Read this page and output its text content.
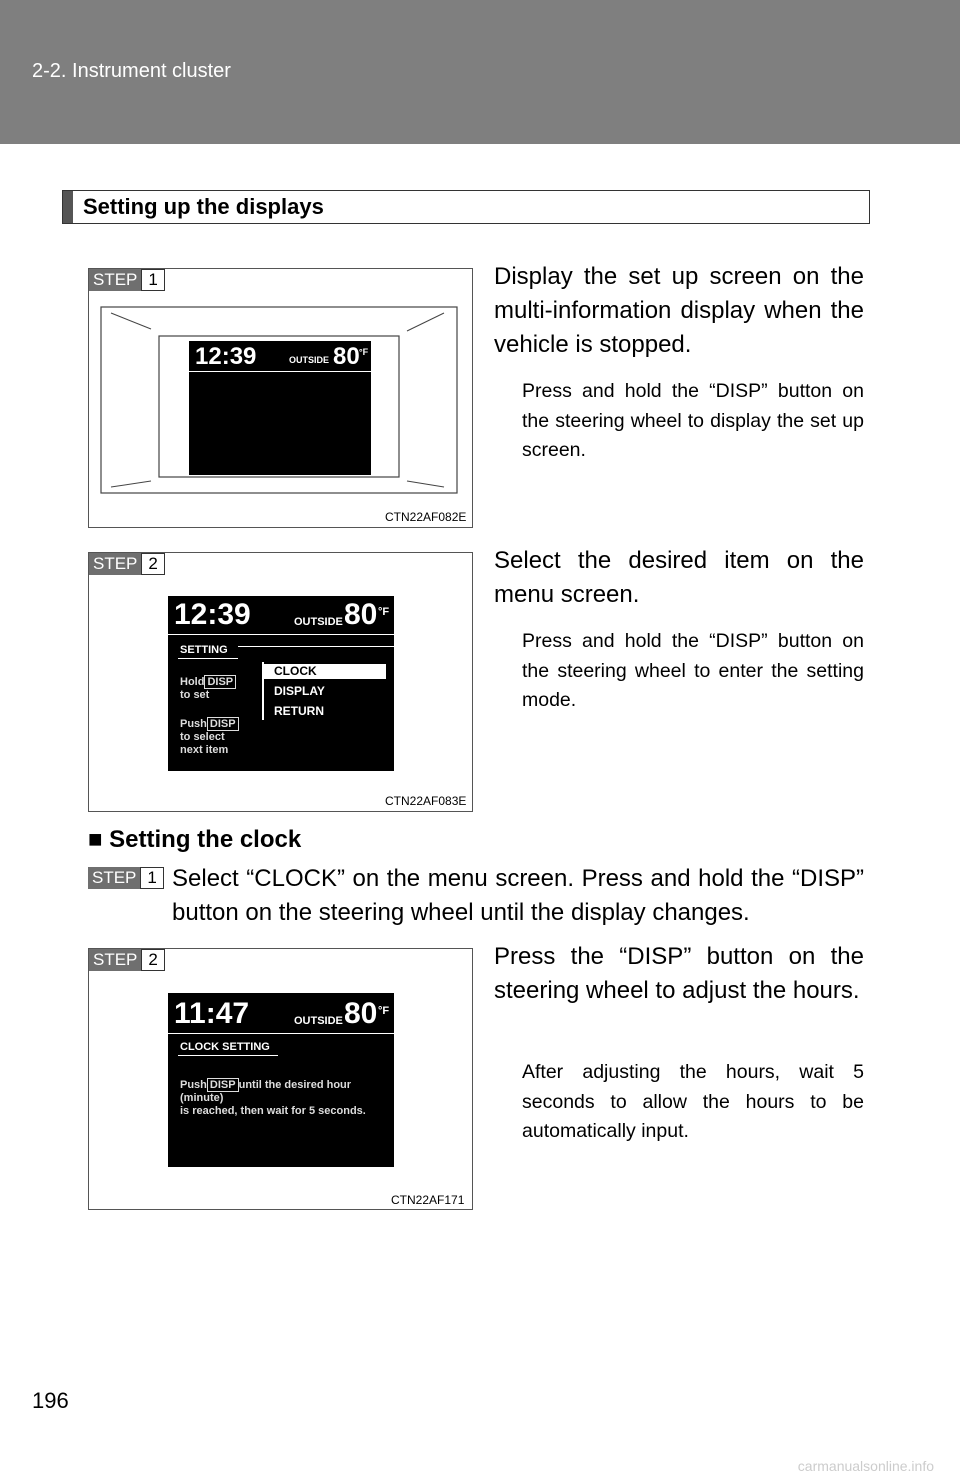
2-2. Instrument cluster
Setting up the displays
STEP 1
12:39	OUTSIDE 80 °F
CTN22AF082E
Display the set up screen on the multi-information display when the vehicle is stopped.
Press and hold the “DISP” button on the steering wheel to display the set up screen.
STEP 2
12:39	OUTSIDE 80 °F
SETTING
Hold DISP
to set
Push DISP
to select
next item
CLOCK
DISPLAY
RETURN
CTN22AF083E
Select the desired item on the menu screen.
Press and hold the “DISP” button on the steering wheel to enter the setting mode.
■ Setting the clock
STEP 1 Select “CLOCK” on the menu screen. Press and hold the “DISP” button on the steering wheel until the display changes.
STEP 2
11:47	OUTSIDE 80 °F
CLOCK SETTING
Push DISP until the desired hour (minute)
is reached, then wait for 5 seconds.
CTN22AF171
Press the “DISP” button on the steering wheel to adjust the hours.
After adjusting the hours, wait 5 seconds to allow the hours to be automatically input.
196
carmanualsonline.info
